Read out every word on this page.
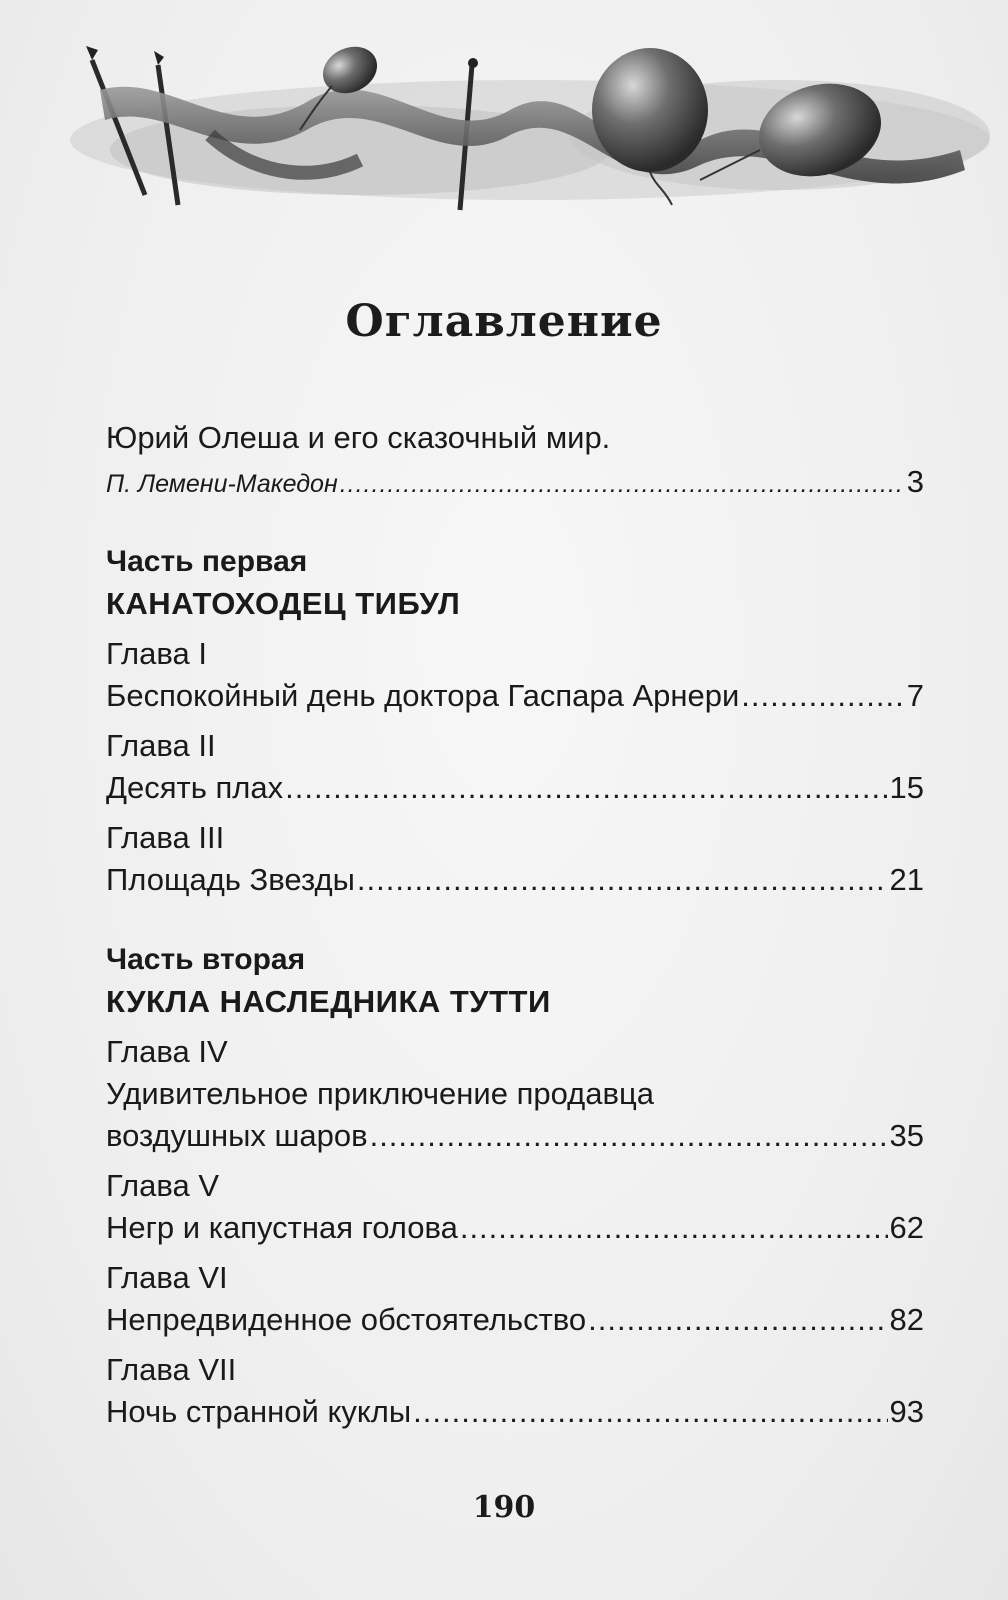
Оглавление
Юрий Олеша и его сказочный мир.
П. Лемени-Македон .....	3
Часть первая
КАНАТОХОДЕЦ ТИБУЛ
Глава I
Беспокойный день доктора Гаспара Арнери .....	7
Глава II
Десять плах .....	15
Глава III
Площадь Звезды .....	21
Часть вторая
КУКЛА НАСЛЕДНИКА ТУТТИ
Глава IV
Удивительное приключение продавца
воздушных шаров .....	35
Глава V
Негр и капустная голова .....	62
Глава VI
Непредвиденное обстоятельство .....	82
Глава VII
Ночь странной куклы .....	93
190
